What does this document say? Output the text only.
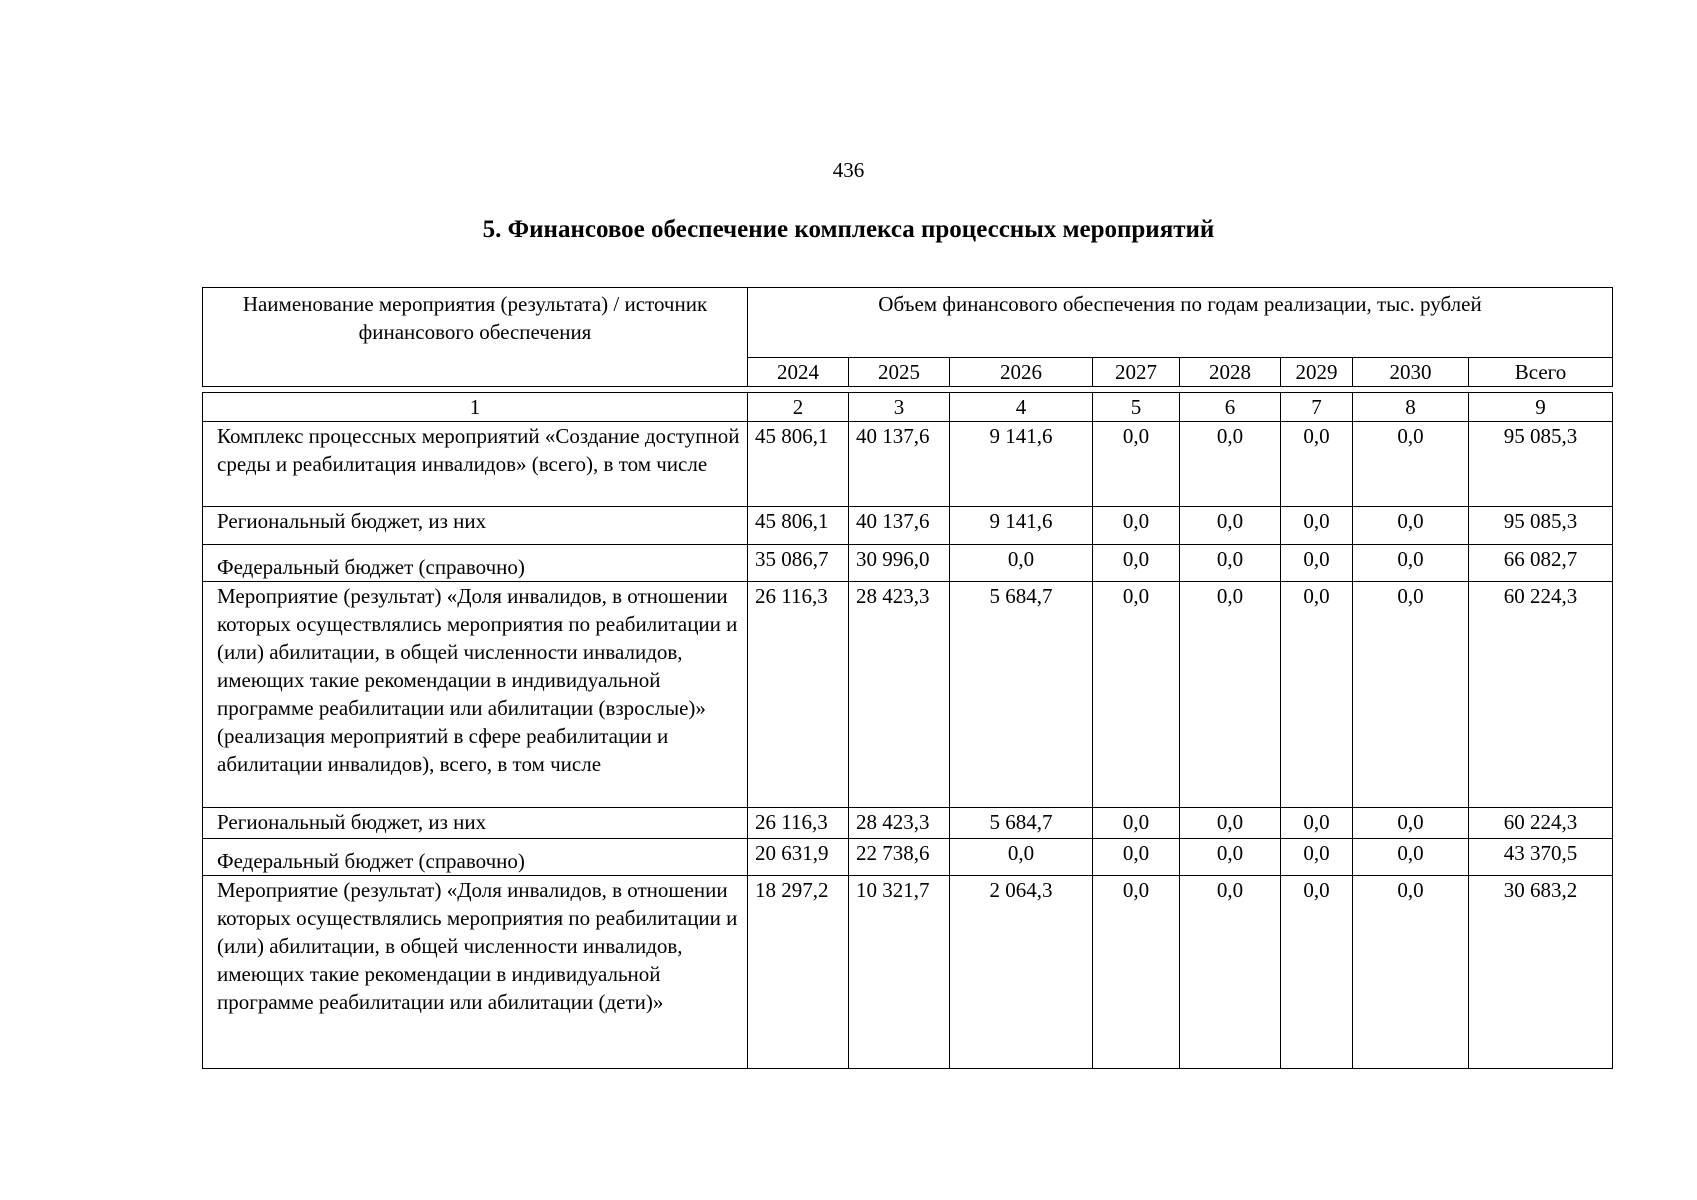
436
5. Финансовое обеспечение комплекса процессных мероприятий
Наименование мероприятия (результата) / источник финансового обеспечения	Объем финансового обеспечения по годам реализации, тыс. рублей							
	2024	2025	2026	2027	2028	2029	2030	Всего
1	2	3	4	5	6	7	8	9
Комплекс процессных мероприятий «Создание доступной среды и реабилитация инвалидов» (всего), в том числе	45 806,1	40 137,6	9 141,6	0,0	0,0	0,0	0,0	95 085,3
Региональный бюджет, из них	45 806,1	40 137,6	9 141,6	0,0	0,0	0,0	0,0	95 085,3
Федеральный бюджет (справочно)	35 086,7	30 996,0	0,0	0,0	0,0	0,0	0,0	66 082,7
Мероприятие (результат) «Доля инвалидов, в отношении которых осуществлялись мероприятия по реабилитации и (или) абилитации, в общей численности инвалидов, имеющих такие рекомендации в индивидуальной программе реабилитации или абилитации (взрослые)» (реализация мероприятий в сфере реабилитации и абилитации инвалидов), всего, в том числе	26 116,3	28 423,3	5 684,7	0,0	0,0	0,0	0,0	60 224,3
Региональный бюджет, из них	26 116,3	28 423,3	5 684,7	0,0	0,0	0,0	0,0	60 224,3
Федеральный бюджет (справочно)	20 631,9	22 738,6	0,0	0,0	0,0	0,0	0,0	43 370,5
Мероприятие (результат) «Доля инвалидов, в отношении которых осуществлялись мероприятия по реабилитации и (или) абилитации, в общей численности инвалидов, имеющих такие рекомендации в индивидуальной программе реабилитации или абилитации (дети)»	18 297,2	10 321,7	2 064,3	0,0	0,0	0,0	0,0	30 683,2
